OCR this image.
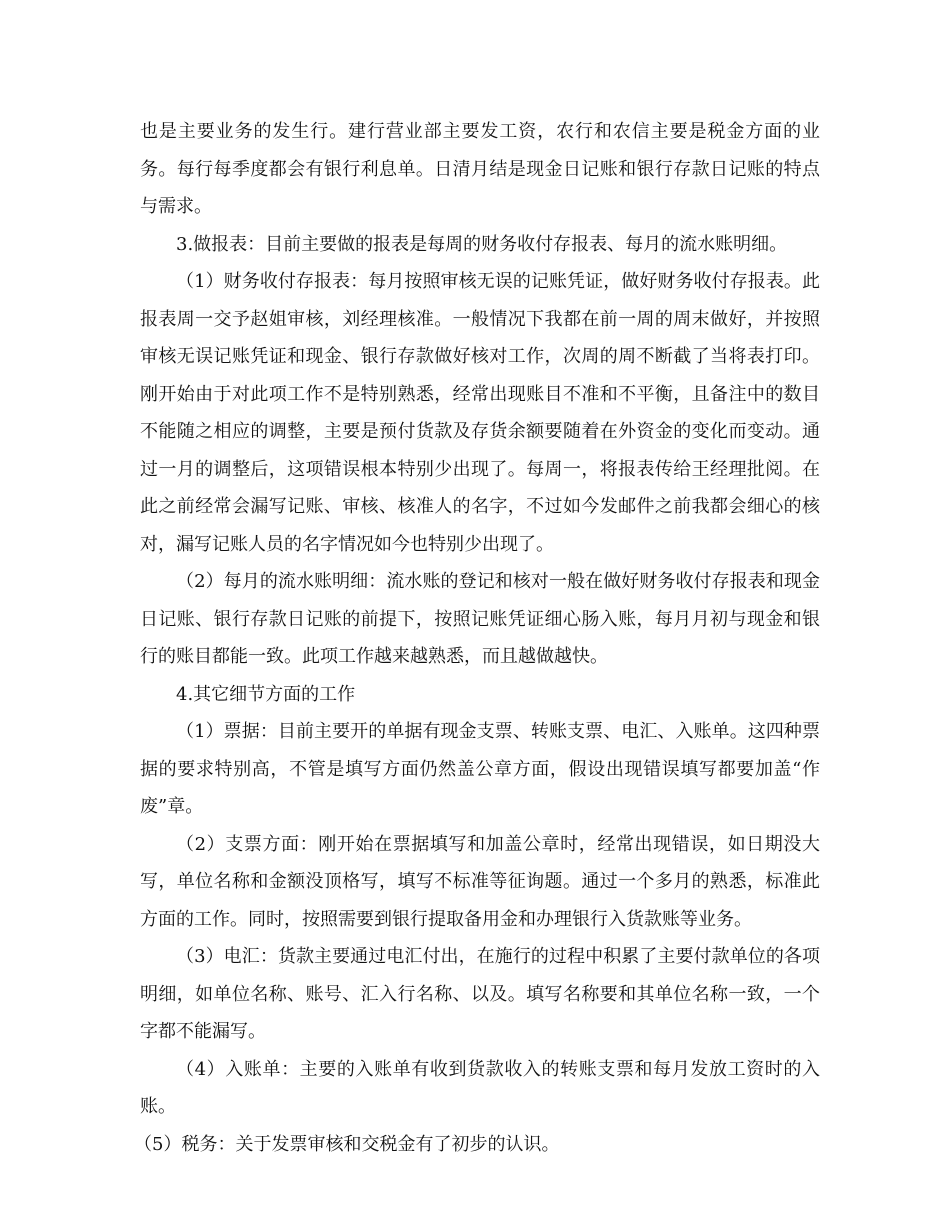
也是主要业务的发生行。建行营业部主要发工资，农行和农信主要是税金方面的业务。每行每季度都会有银行利息单。日清月结是现金日记账和银行存款日记账的特点与需求。

3.做报表：目前主要做的报表是每周的财务收付存报表、每月的流水账明细。

（1）财务收付存报表：每月按照审核无误的记账凭证，做好财务收付存报表。此报表周一交予赵姐审核，刘经理核准。一般情况下我都在前一周的周末做好，并按照审核无误记账凭证和现金、银行存款做好核对工作，次周的周不断截了当将表打印。刚开始由于对此项工作不是特别熟悉，经常出现账目不准和不平衡，且备注中的数目不能随之相应的调整，主要是预付货款及存货余额要随着在外资金的变化而变动。通过一月的调整后，这项错误根本特别少出现了。每周一，将报表传给王经理批阅。在此之前经常会漏写记账、审核、核准人的名字，不过如今发邮件之前我都会细心的核对，漏写记账人员的名字情况如今也特别少出现了。

（2）每月的流水账明细：流水账的登记和核对一般在做好财务收付存报表和现金日记账、银行存款日记账的前提下，按照记账凭证细心肠入账，每月月初与现金和银行的账目都能一致。此项工作越来越熟悉，而且越做越快。

4.其它细节方面的工作

（1）票据：目前主要开的单据有现金支票、转账支票、电汇、入账单。这四种票据的要求特别高，不管是填写方面仍然盖公章方面，假设出现错误填写都要加盖“作废”章。

（2）支票方面：刚开始在票据填写和加盖公章时，经常出现错误，如日期没大写，单位名称和金额没顶格写，填写不标准等征询题。通过一个多月的熟悉，标准此方面的工作。同时，按照需要到银行提取备用金和办理银行入货款账等业务。

（3）电汇：货款主要通过电汇付出，在施行的过程中积累了主要付款单位的各项明细，如单位名称、账号、汇入行名称、以及。填写名称要和其单位名称一致，一个字都不能漏写。

（4）入账单：主要的入账单有收到货款收入的转账支票和每月发放工资时的入账。

（5）税务：关于发票审核和交税金有了初步的认识。
